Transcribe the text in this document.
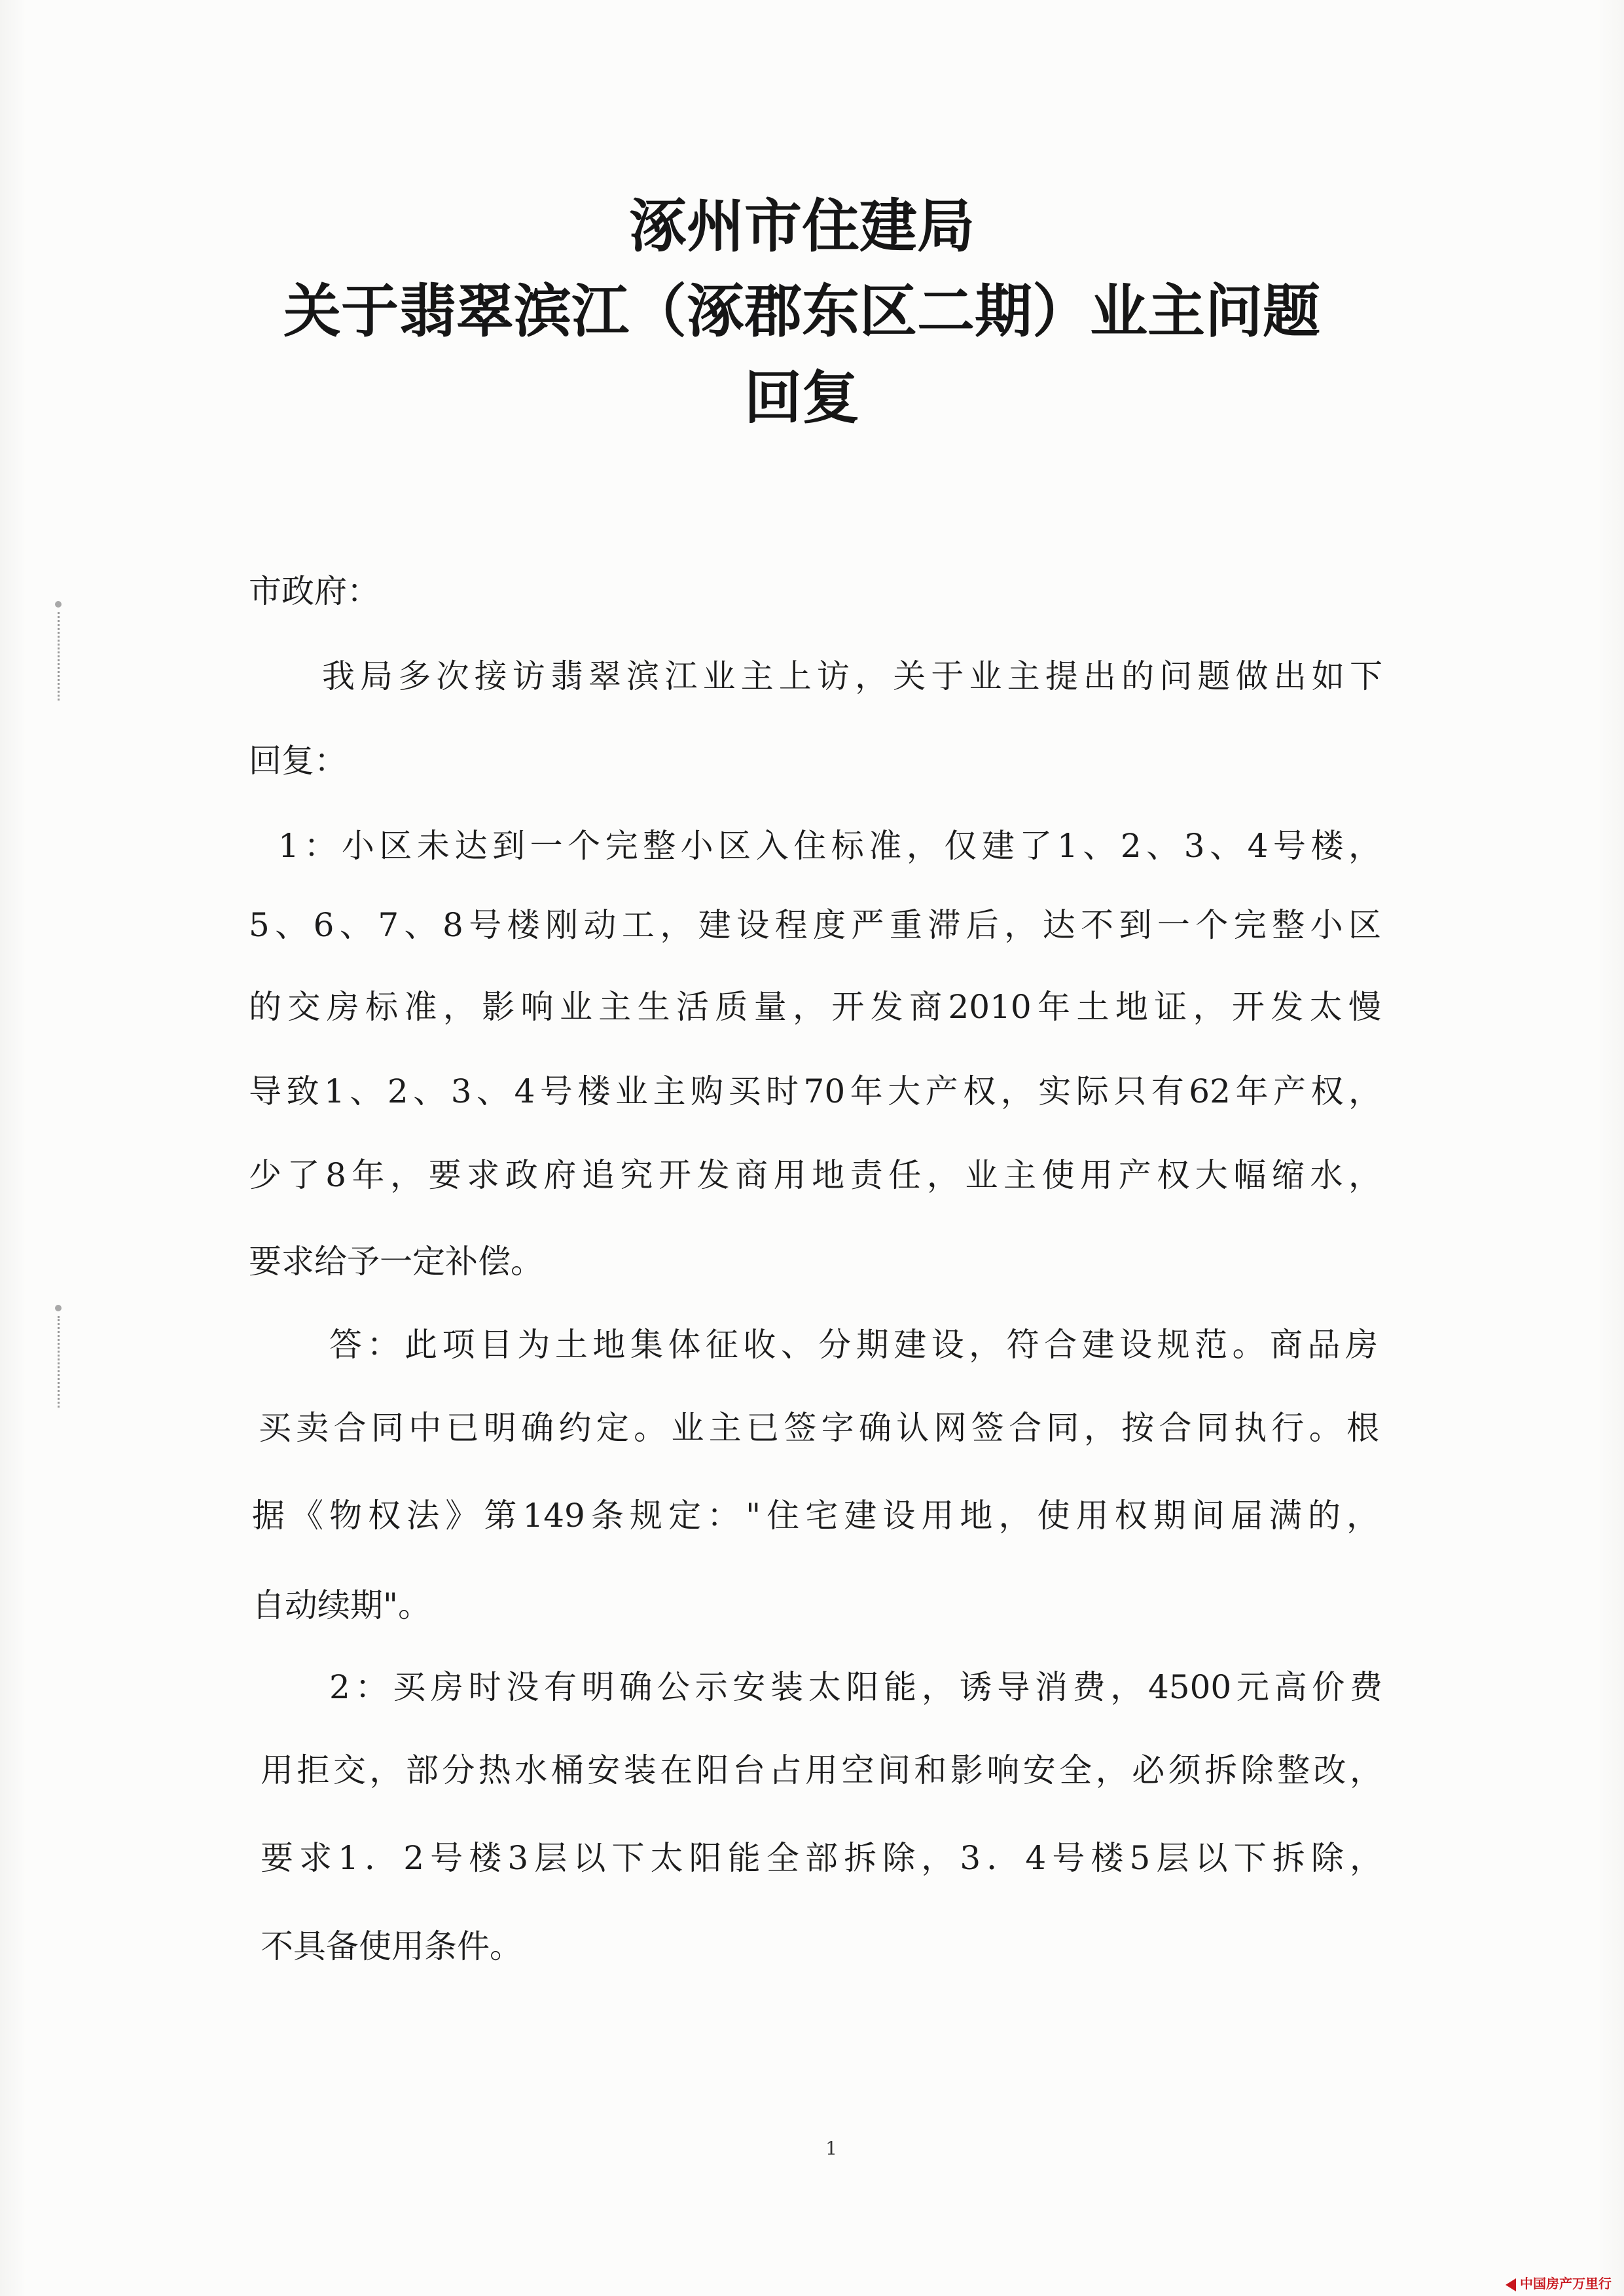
涿州市住建局
关于翡翠滨江（涿郡东区二期）业主问题
回复
市政府：
我局多次接访翡翠滨江业主上访，关于业主提出的问题做出如下
回复：
1：小区未达到一个完整小区入住标准，仅建了1、2、3、4号楼，
5、6、7、8号楼刚动工，建设程度严重滞后，达不到一个完整小区
的交房标准，影响业主生活质量，开发商2010年土地证，开发太慢
导致1、2、3、4号楼业主购买时70年大产权，实际只有62年产权，
少了8年，要求政府追究开发商用地责任，业主使用产权大幅缩水，
要求给予一定补偿。
答：此项目为土地集体征收、分期建设，符合建设规范。商品房
买卖合同中已明确约定。业主已签字确认网签合同，按合同执行。根
据《物权法》第149条规定："住宅建设用地，使用权期间届满的，
自动续期"。
2：买房时没有明确公示安装太阳能，诱导消费，4500元高价费
用拒交，部分热水桶安装在阳台占用空间和影响安全，必须拆除整改，
要求1．2号楼3层以下太阳能全部拆除，3．4号楼5层以下拆除，
不具备使用条件。
1
中国房产万里行
